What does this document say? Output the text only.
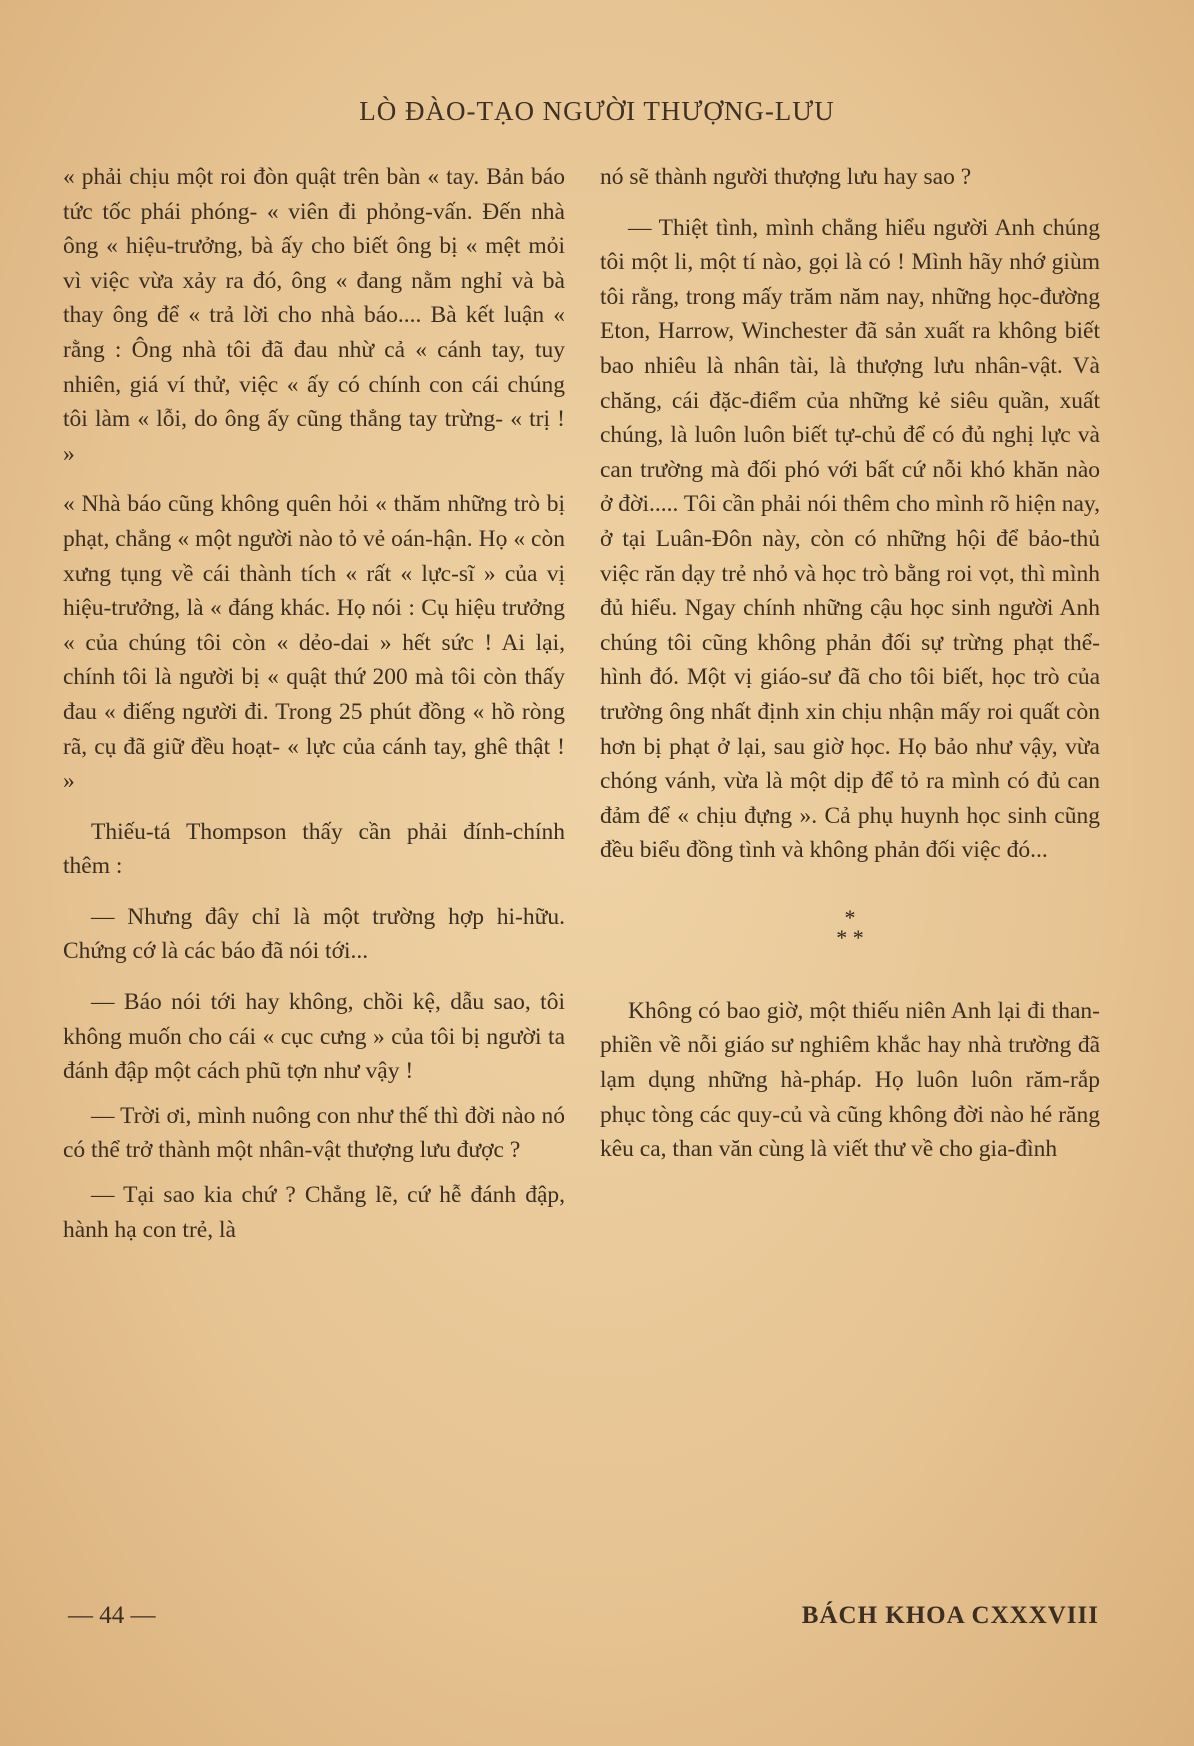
LÒ ĐÀO-TẠO NGƯỜI THƯỢNG-LƯU

« phải chịu một roi đòn quật trên bàn « tay. Bản báo tức tốc phái phóng- « viên đi phỏng-vấn. Đến nhà ông « hiệu-trưởng, bà ấy cho biết ông bị « mệt mỏi vì việc vừa xảy ra đó, ông « đang nằm nghỉ và bà thay ông để « trả lời cho nhà báo.... Bà kết luận « rằng : Ông nhà tôi đã đau nhừ cả « cánh tay, tuy nhiên, giá ví thử, việc « ấy có chính con cái chúng tôi làm « lỗi, do ông ấy cũng thẳng tay trừng- « trị ! »

« Nhà báo cũng không quên hỏi « thăm những trò bị phạt, chẳng « một người nào tỏ vẻ oán-hận. Họ « còn xưng tụng về cái thành tích « rất « lực-sĩ » của vị hiệu-trưởng, là « đáng khác. Họ nói : Cụ hiệu trưởng « của chúng tôi còn « dẻo-dai » hết sức ! Ai lại, chính tôi là người bị « quật thứ 200 mà tôi còn thấy đau « điếng người đi. Trong 25 phút đồng « hồ ròng rã, cụ đã giữ đều hoạt- « lực của cánh tay, ghê thật ! »

Thiếu-tá Thompson thấy cần phải đính-chính thêm :

— Nhưng đây chỉ là một trường hợp hi-hữu. Chứng cớ là các báo đã nói tới...

— Báo nói tới hay không, chồi kệ, dẫu sao, tôi không muốn cho cái « cục cưng » của tôi bị người ta đánh đập một cách phũ tợn như vậy !

— Trời ơi, mình nuông con như thế thì đời nào nó có thể trở thành một nhân-vật thượng lưu được ?

— Tại sao kia chứ ? Chẳng lẽ, cứ hễ đánh đập, hành hạ con trẻ, là

nó sẽ thành người thượng lưu hay sao ?

— Thiệt tình, mình chẳng hiểu người Anh chúng tôi một li, một tí nào, gọi là có ! Mình hãy nhớ giùm tôi rằng, trong mấy trăm năm nay, những học-đường Eton, Harrow, Winchester đã sản xuất ra không biết bao nhiêu là nhân tài, là thượng lưu nhân-vật. Và chăng, cái đặc-điểm của những kẻ siêu quần, xuất chúng, là luôn luôn biết tự-chủ để có đủ nghị lực và can trường mà đối phó với bất cứ nỗi khó khăn nào ở đời..... Tôi cần phải nói thêm cho mình rõ hiện nay, ở tại Luân-Đôn này, còn có những hội để bảo-thủ việc răn dạy trẻ nhỏ và học trò bằng roi vọt, thì mình đủ hiểu. Ngay chính những cậu học sinh người Anh chúng tôi cũng không phản đối sự trừng phạt thể-hình đó. Một vị giáo-sư đã cho tôi biết, học trò của trường ông nhất định xin chịu nhận mấy roi quất còn hơn bị phạt ở lại, sau giờ học. Họ bảo như vậy, vừa chóng vánh, vừa là một dịp để tỏ ra mình có đủ can đảm để « chịu đựng ». Cả phụ huynh học sinh cũng đều biểu đồng tình và không phản đối việc đó...

*
* *

Không có bao giờ, một thiếu niên Anh lại đi than-phiền về nỗi giáo sư nghiêm khắc hay nhà trường đã lạm dụng những hà-pháp. Họ luôn luôn răm-rắp phục tòng các quy-củ và cũng không đời nào hé răng kêu ca, than văn cùng là viết thư về cho gia-đình

— 44 —	BÁCH KHOA CXXXVIII
